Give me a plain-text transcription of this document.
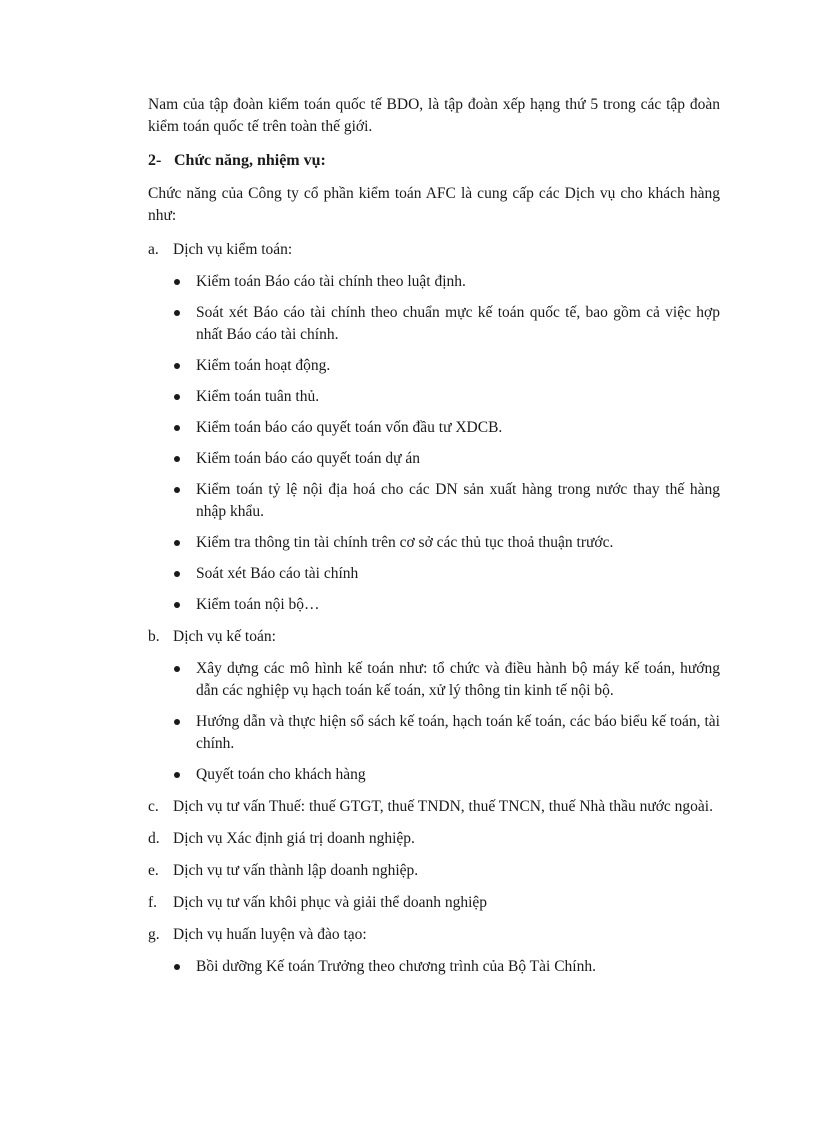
Nam của tập đoàn kiểm toán quốc tế BDO, là tập đoàn xếp hạng thứ 5 trong các tập đoàn kiểm toán quốc tế trên toàn thế giới.

2- Chức năng, nhiệm vụ:

Chức năng của Công ty cổ phần kiểm toán AFC là cung cấp các Dịch vụ cho khách hàng như:

a. Dịch vụ kiểm toán:
Kiểm toán Báo cáo tài chính theo luật định.
Soát xét Báo cáo tài chính theo chuẩn mực kế toán quốc tế, bao gồm cả việc hợp nhất Báo cáo tài chính.
Kiểm toán hoạt động.
Kiểm toán tuân thủ.
Kiểm toán báo cáo quyết toán vốn đầu tư XDCB.
Kiểm toán báo cáo quyết toán dự án
Kiểm toán tỷ lệ nội địa hoá cho các DN sản xuất hàng trong nước thay thế hàng nhập khẩu.
Kiểm tra thông tin tài chính trên cơ sở các thủ tục thoả thuận trước.
Soát xét Báo cáo tài chính
Kiểm toán nội bộ…
b. Dịch vụ kế toán:
Xây dựng các mô hình kế toán như: tổ chức và điều hành bộ máy kế toán, hướng dẫn các nghiệp vụ hạch toán kế toán, xử lý thông tin kinh tế nội bộ.
Hướng dẫn và thực hiện sổ sách kế toán, hạch toán kế toán, các báo biểu kế toán, tài chính.
Quyết toán cho khách hàng
c. Dịch vụ tư vấn Thuế: thuế GTGT, thuế TNDN, thuế TNCN, thuế Nhà thầu nước ngoài.
d. Dịch vụ Xác định giá trị doanh nghiệp.
e. Dịch vụ tư vấn thành lập doanh nghiệp.
f.	Dịch vụ tư vấn khôi phục và giải thể doanh nghiệp
g. Dịch vụ huấn luyện và đào tạo:
Bồi dưỡng Kế toán Trưởng theo chương trình của Bộ Tài Chính.
